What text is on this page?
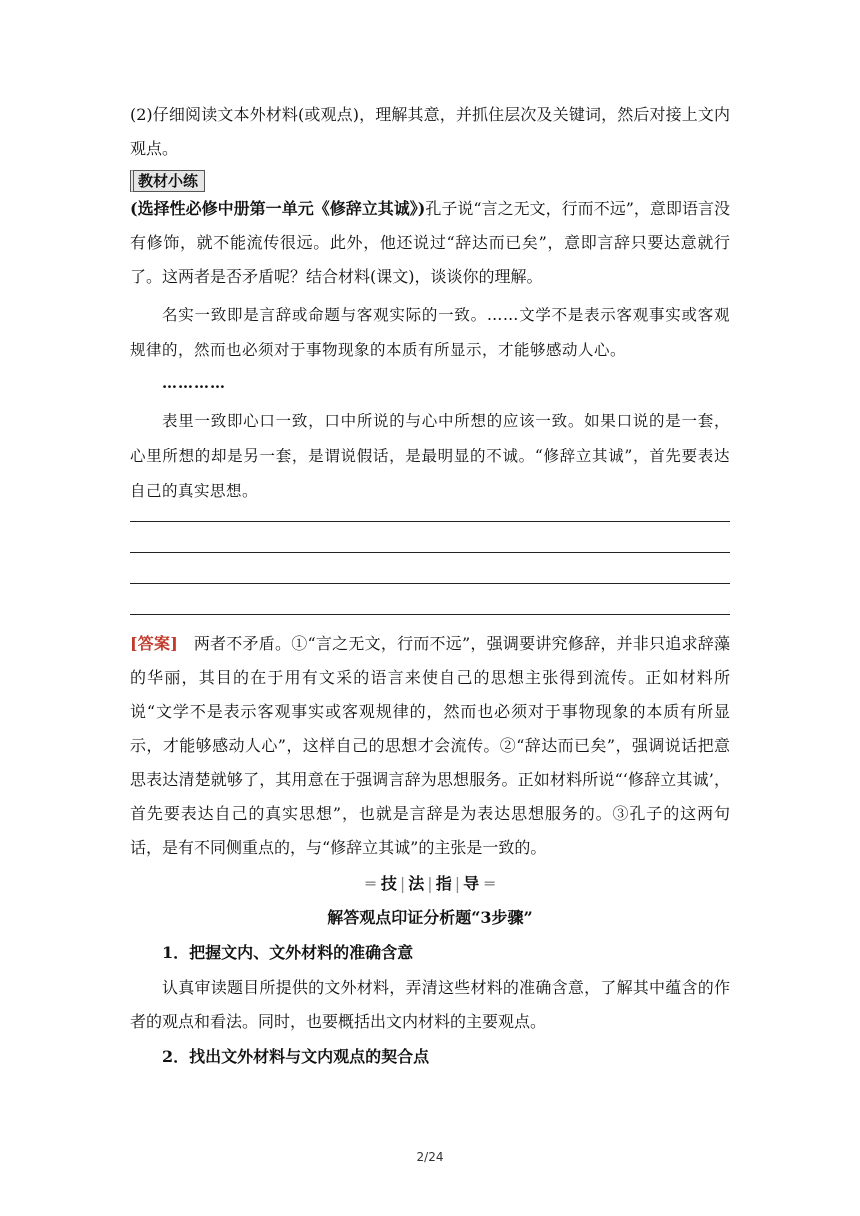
(2)仔细阅读文本外材料(或观点)，理解其意，并抓住层次及关键词，然后对接上文内观点。

教材小练

(选择性必修中册第一单元《修辞立其诚》)孔子说“言之无文，行而不远”，意即语言没有修饰，就不能流传很远。此外，他还说过“辞达而已矣”，意即言辞只要达意就行了。这两者是否矛盾呢？结合材料(课文)，谈谈你的理解。

名实一致即是言辞或命题与客观实际的一致。……文学不是表示客观事实或客观规律的，然而也必须对于事物现象的本质有所显示，才能够感动人心。

…………

表里一致即心口一致，口中所说的与心中所想的应该一致。如果口说的是一套，心里所想的却是另一套，是谓说假话，是最明显的不诚。“修辞立其诚”，首先要表达自己的真实思想。

[答案] 两者不矛盾。①“言之无文，行而不远”，强调要讲究修辞，并非只追求辞藻的华丽，其目的在于用有文采的语言来使自己的思想主张得到流传。正如材料所说“文学不是表示客观事实或客观规律的，然而也必须对于事物现象的本质有所显示，才能够感动人心”，这样自己的思想才会流传。②“辞达而已矣”，强调说话把意思表达清楚就够了，其用意在于强调言辞为思想服务。正如材料所说“‘修辞立其诚’，首先要表达自己的真实思想”，也就是言辞是为表达思想服务的。③孔子的这两句话，是有不同侧重点的，与“修辞立其诚”的主张是一致的。

═ 技 | 法 | 指 | 导 ═

解答观点印证分析题“3步骤”

1．把握文内、文外材料的准确含意

认真审读题目所提供的文外材料，弄清这些材料的准确含意，了解其中蕴含的作者的观点和看法。同时，也要概括出文内材料的主要观点。

2．找出文外材料与文内观点的契合点

2/24
